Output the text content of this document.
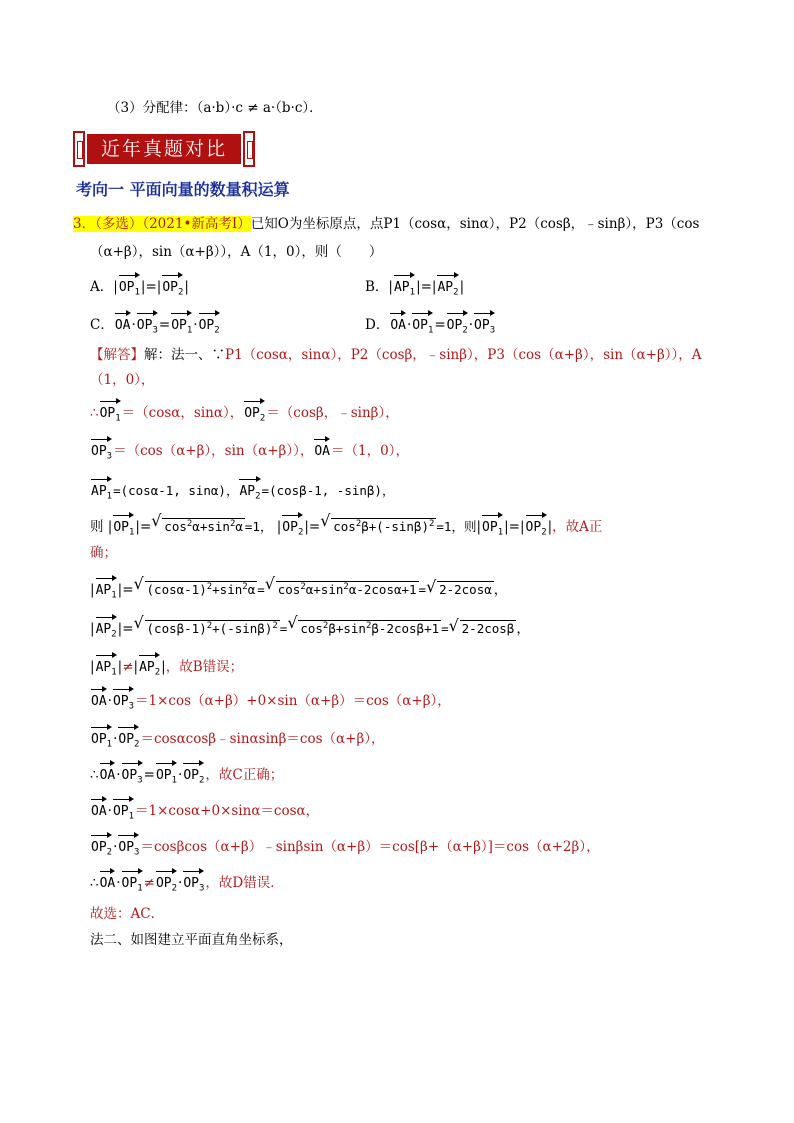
（3）分配律：（a·b）·c ≠ a·（b·c）．
近年真题对比
考向一 平面向量的数量积运算
3．（多选）（2021•新高考Ⅰ）已知O为坐标原点，点P1（cosα，sinα），P2（cosβ，﹣sinβ），P3（cos
（α+β），sin（α+β）），A（1，0），则（　　）
A．$|OP_1|=|OP_2|$	B．$|AP_1|=|AP_2|$
C．$OA\cdot OP_3=OP_1\cdot OP_2$	D．$OA\cdot OP_1=OP_2\cdot OP_3$
【解答】解：法一、∵P1（cosα，sinα），P2（cosβ，﹣sinβ），P3（cos（α+β），sin（α+β）），A
（1，0），
$\therefore OP_1=(\cos\alpha$，sinα），$OP_2=(\cos\beta$，﹣sinβ），
$OP_3=(\cos(\alpha+\beta)$，sin（α+β）），OA＝（1，0），
$AP_1=(\cos\alpha-1$, sinα)，$AP_2=(\cos\beta-1$, -sinβ)，
则 $|OP_1|=√$ $\cos^2\alpha+\sin^2\alpha =1$， $|OP_2|=√$ $\cos^2\beta+(-\sin\beta)^2 =1$，则$|OP_1|=|OP_2|$，故A正
确；
$|AP_1|=√$ $(\cos\alpha-1)^2+\sin^2\alpha$ =√ $\cos^2\alpha+\sin^2\alpha-2\cos\alpha+1$ =√ 2-2cosα ，
$|AP_2|=√$ $(\cos\beta-1)^2+(-\sin\beta)^2$ =√ $\cos^2\beta+\sin^2\beta-2\cos\beta+1$ =√ 2-2cosβ ，
$|AP_1|\ne|AP_2|$，故B错误；
$OA\cdot OP_3=1\times\cos(\alpha+\beta)+0\times\sin(\alpha+\beta)=\cos(\alpha+\beta)$，
$OP_1\cdot OP_2=\cos\alpha\cos\beta﹣\sin\alpha\sin\beta=\cos(\alpha+\beta)$，
$\therefore OA\cdot OP_3=OP_1\cdot OP_2$，故C正确；
$OA\cdot OP_1=1\times\cos\alpha+0\times\sin\alpha=\cos\alpha$，
$OP_2\cdot OP_3=\cos\beta\cos(\alpha+\beta)﹣\sin\beta\sin(\alpha+\beta)=\cos[\beta+(\alpha+\beta)]=\cos(\alpha+2\beta)$，
$\therefore OA\cdot OP_1\ne OP_2\cdot OP_3$，故D错误．
故选：AC．
法二、如图建立平面直角坐标系，
